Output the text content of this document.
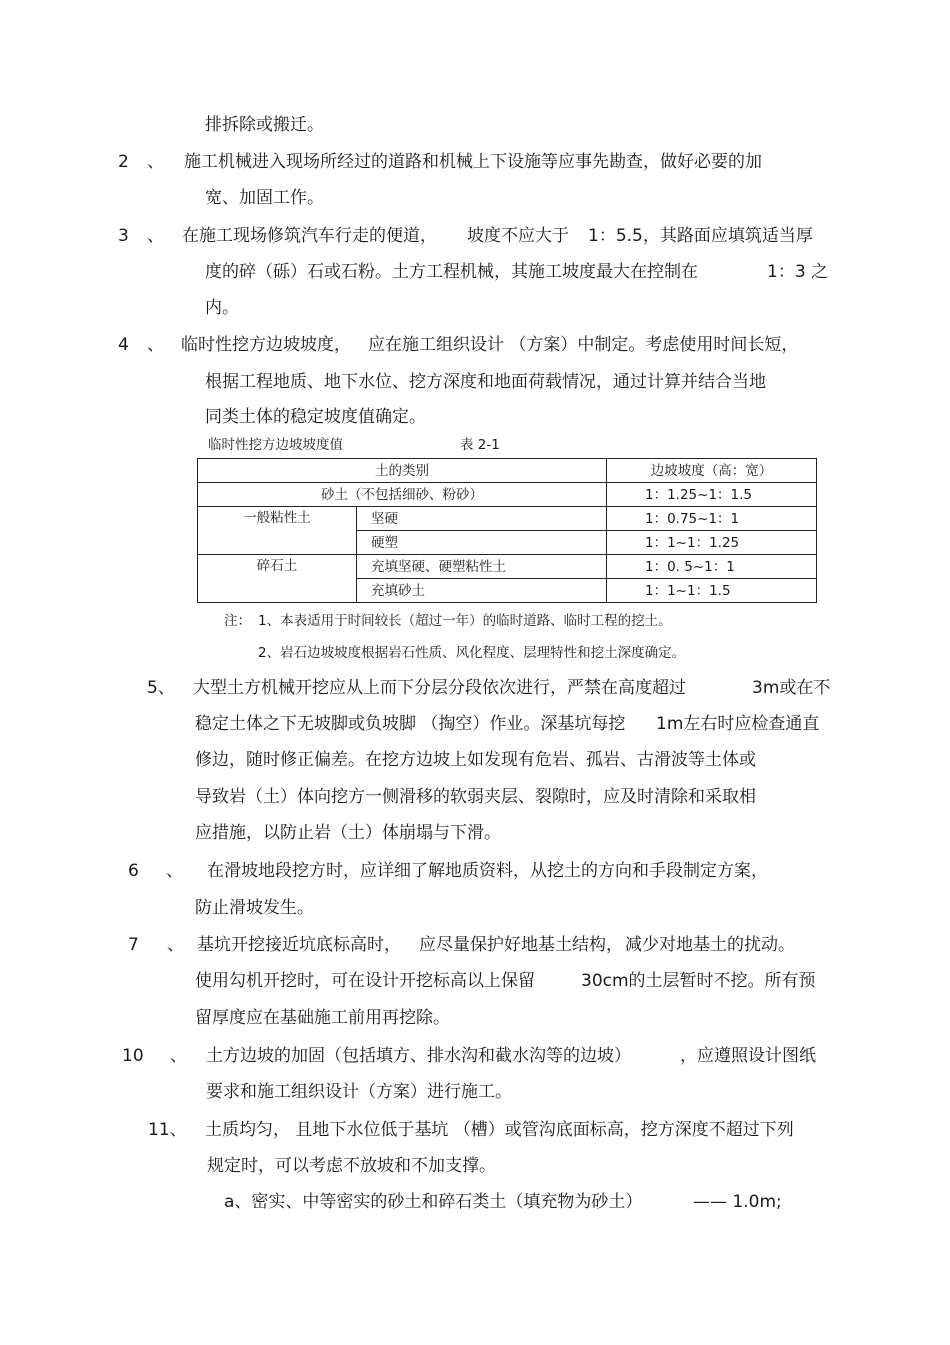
排拆除或搬迁。
2 、 施工机械进入现场所经过的道路和机械上下设施等应事先勘查，做好必要的加
宽、加固工作。
3 、 在施工现场修筑汽车行走的便道， 坡度不应大于 1：5.5，其路面应填筑适当厚
度的碎（砾）石或石粉。土方工程机械，其施工坡度最大在控制在	1：3 之
内。
4 、 临时性挖方边坡坡度， 应在施工组织设计 （方案）中制定。考虑使用时间长短，
根据工程地质、地下水位、挖方深度和地面荷载情况，通过计算并结合当地
同类土体的稳定坡度值确定。
临时性挖方边坡坡度值	表 2-1
土的类别		边坡坡度（高：宽）
砂土（不包括细砂、粉砂）		1：1.25~1：1.5
一般粘性土	坚硬	1：0.75~1：1
	硬塑	1：1~1：1.25
碎石土	充填坚硬、硬塑粘性土	1：0. 5~1：1
	充填砂土	1：1~1：1.5
注： 1、本表适用于时间较长（超过一年）的临时道路、临时工程的挖土。
2、岩石边坡坡度根据岩石性质、风化程度、层理特性和挖土深度确定。
5、 大型土方机械开挖应从上而下分层分段依次进行，严禁在高度超过	3m或在不
稳定土体之下无坡脚或负坡脚 （掏空）作业。深基坑每挖 1m左右时应检查通直
修边，随时修正偏差。在挖方边坡上如发现有危岩、孤岩、古滑波等土体或
导致岩（土）体向挖方一侧滑移的软弱夹层、裂隙时，应及时清除和采取相
应措施，以防止岩（土）体崩塌与下滑。
6 、 在滑坡地段挖方时，应详细了解地质资料，从挖土的方向和手段制定方案，
防止滑坡发生。
7 、 基坑开挖接近坑底标高时， 应尽量保护好地基土结构， 减少对地基土的扰动。
使用勾机开挖时，可在设计开挖标高以上保留	30cm的土层暂时不挖。所有预
留厚度应在基础施工前用再挖除。
10 、 土方边坡的加固（包括填方、排水沟和截水沟等的边坡）	，应遵照设计图纸
要求和施工组织设计（方案）进行施工。
11、 土质均匀， 且地下水位低于基坑 （槽）或管沟底面标高，挖方深度不超过下列
规定时，可以考虑不放坡和不加支撑。
a、密实、中等密实的砂土和碎石类土（填充物为砂土）	—— 1.0m;
